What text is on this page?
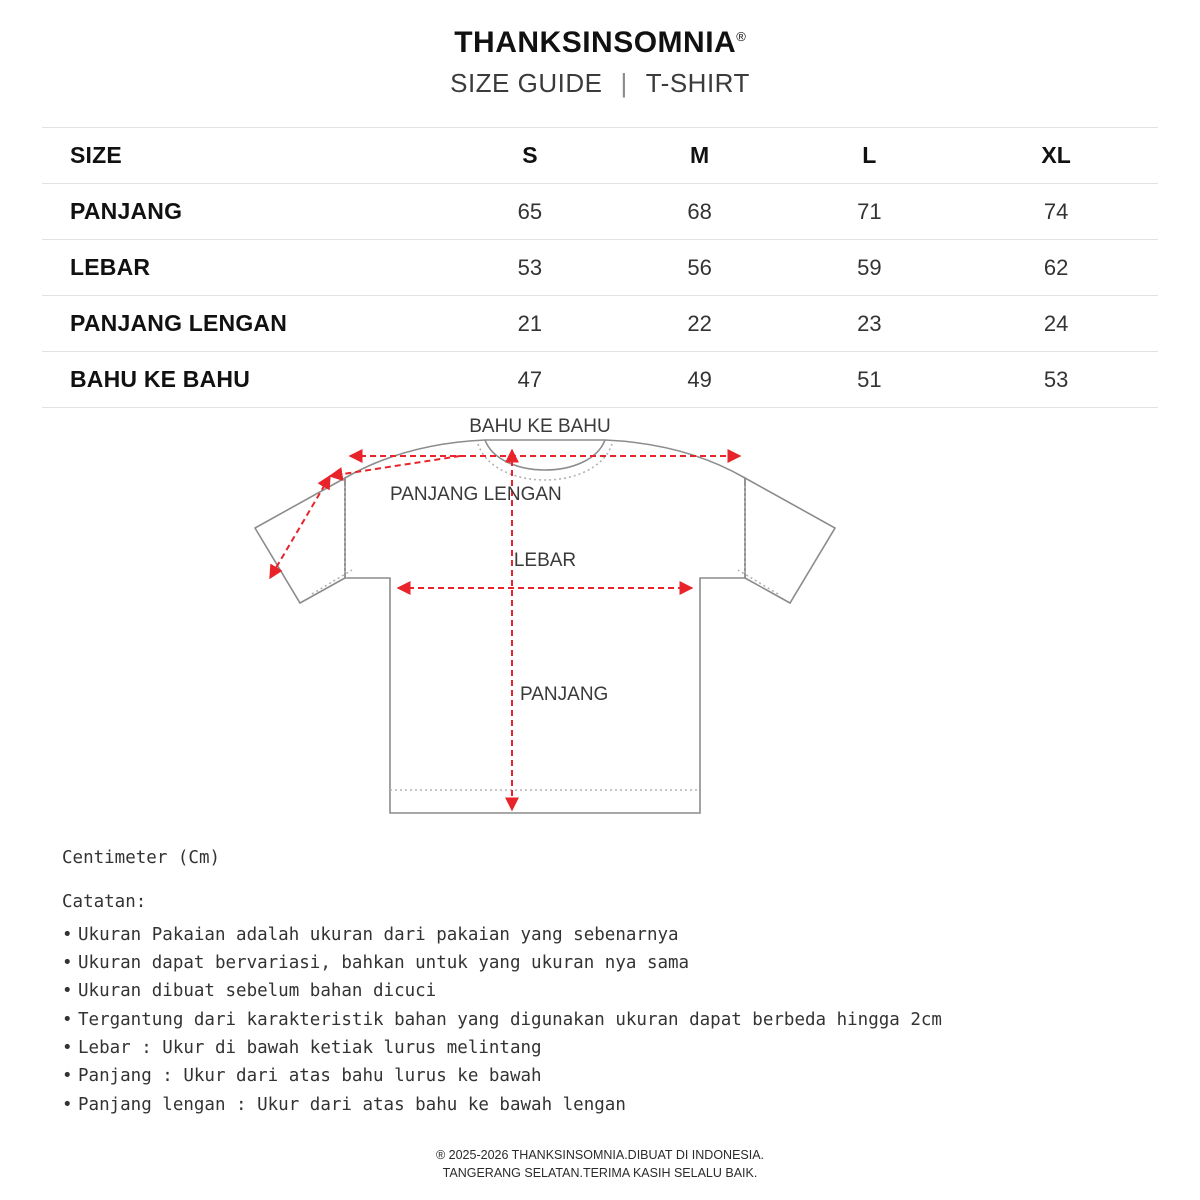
THANKSINSOMNIA®
SIZE GUIDE | T-SHIRT
SIZE	S	M	L	XL
PANJANG	65	68	71	74
LEBAR	53	56	59	62
PANJANG LENGAN	21	22	23	24
BAHU KE BAHU	47	49	51	53
BAHU KE BAHU
PANJANG LENGAN
LEBAR
PANJANG
Centimeter (Cm)
Catatan:
• Ukuran Pakaian adalah ukuran dari pakaian yang sebenarnya
• Ukuran dapat bervariasi, bahkan untuk yang ukuran nya sama
• Ukuran dibuat sebelum bahan dicuci
• Tergantung dari karakteristik bahan yang digunakan ukuran dapat berbeda hingga 2cm
• Lebar : Ukur di bawah ketiak lurus melintang
• Panjang : Ukur dari atas bahu lurus ke bawah
• Panjang lengan : Ukur dari atas bahu ke bawah lengan
® 2025-2026 THANKSINSOMNIA.DIBUAT DI INDONESIA.
TANGERANG SELATAN.TERIMA KASIH SELALU BAIK.
